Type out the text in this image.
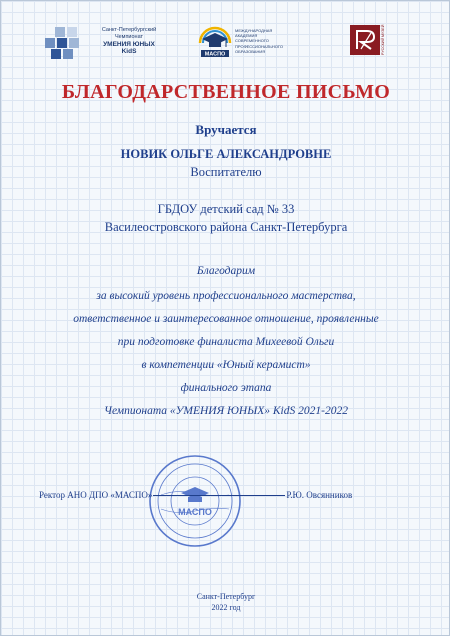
Санкт-Петербургский
Чемпионат
УМЕНИЯ ЮНЫХ
KidS	МАСПО
МЕЖДУНАРОДНАЯ
АКАДЕМИЯ
СОВРЕМЕННОГО
ПРОФЕССИОНАЛЬНОГО
ОБРАЗОВАНИЯ	РУССКИЙ МУЗЕЙ
БЛАГОДАРСТВЕННОЕ ПИСЬМО
Вручается
НОВИК ОЛЬГЕ АЛЕКСАНДРОВНЕ
Воспитателю
ГБДОУ детский сад № 33
Василеостровского района Санкт-Петербурга
Благодарим
за высокий уровень профессионального мастерства,
ответственное и заинтересованное отношение, проявленные
при подготовке финалиста Михеевой Ольги
в компетенции «Юный керамист»
финального этапа
Чемпионата «УМЕНИЯ ЮНЫХ» KidS 2021-2022
МАСПО
Ректор АНО ДПО «МАСПО»	Р.Ю. Овсянников
Санкт-Петербург
2022 год
